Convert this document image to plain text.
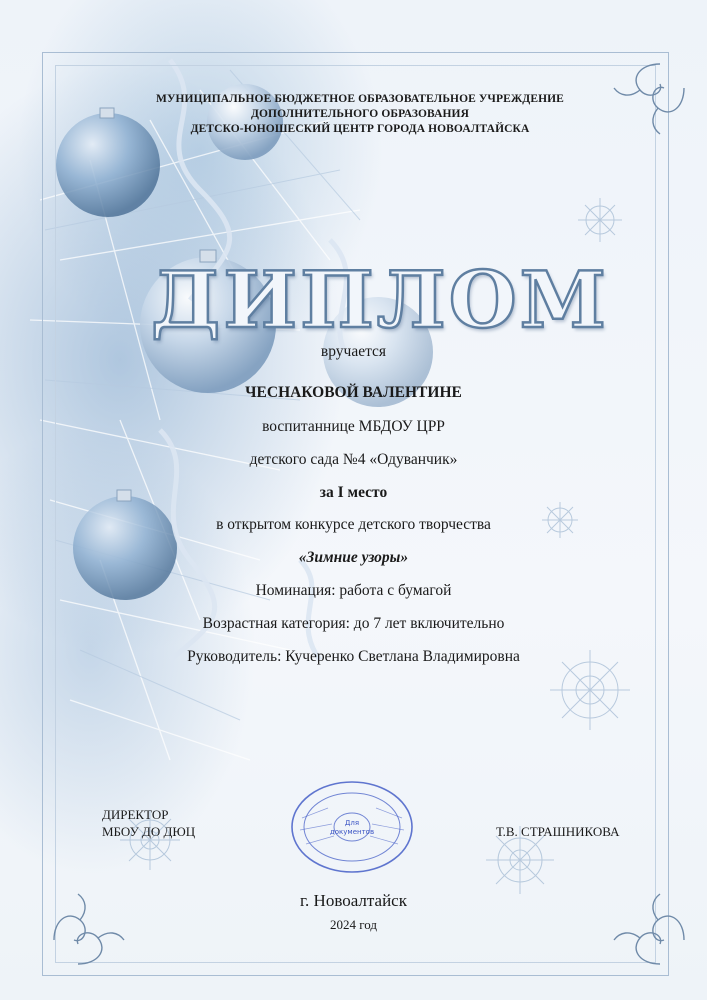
МУНИЦИПАЛЬНОЕ БЮДЖЕТНОЕ ОБРАЗОВАТЕЛЬНОЕ УЧРЕЖДЕНИЕ
ДОПОЛНИТЕЛЬНОГО ОБРАЗОВАНИЯ
ДЕТСКО-ЮНОШЕСКИЙ ЦЕНТР ГОРОДА НОВОАЛТАЙСКА
ДИПЛОМ
вручается
ЧЕСНАКОВОЙ ВАЛЕНТИНЕ
воспитаннице МБДОУ ЦРР
детского сада №4 «Одуванчик»
за I место
в открытом конкурсе детского творчества
«Зимние узоры»
Номинация: работа с бумагой
Возрастная категория: до 7 лет включительно
Руководитель: Кучеренко Светлана Владимировна
ДИРЕКТОР
МБОУ ДО ДЮЦ	Т.В. СТРАШНИКОВА
Для
документов
г. Новоалтайск
2024 год
